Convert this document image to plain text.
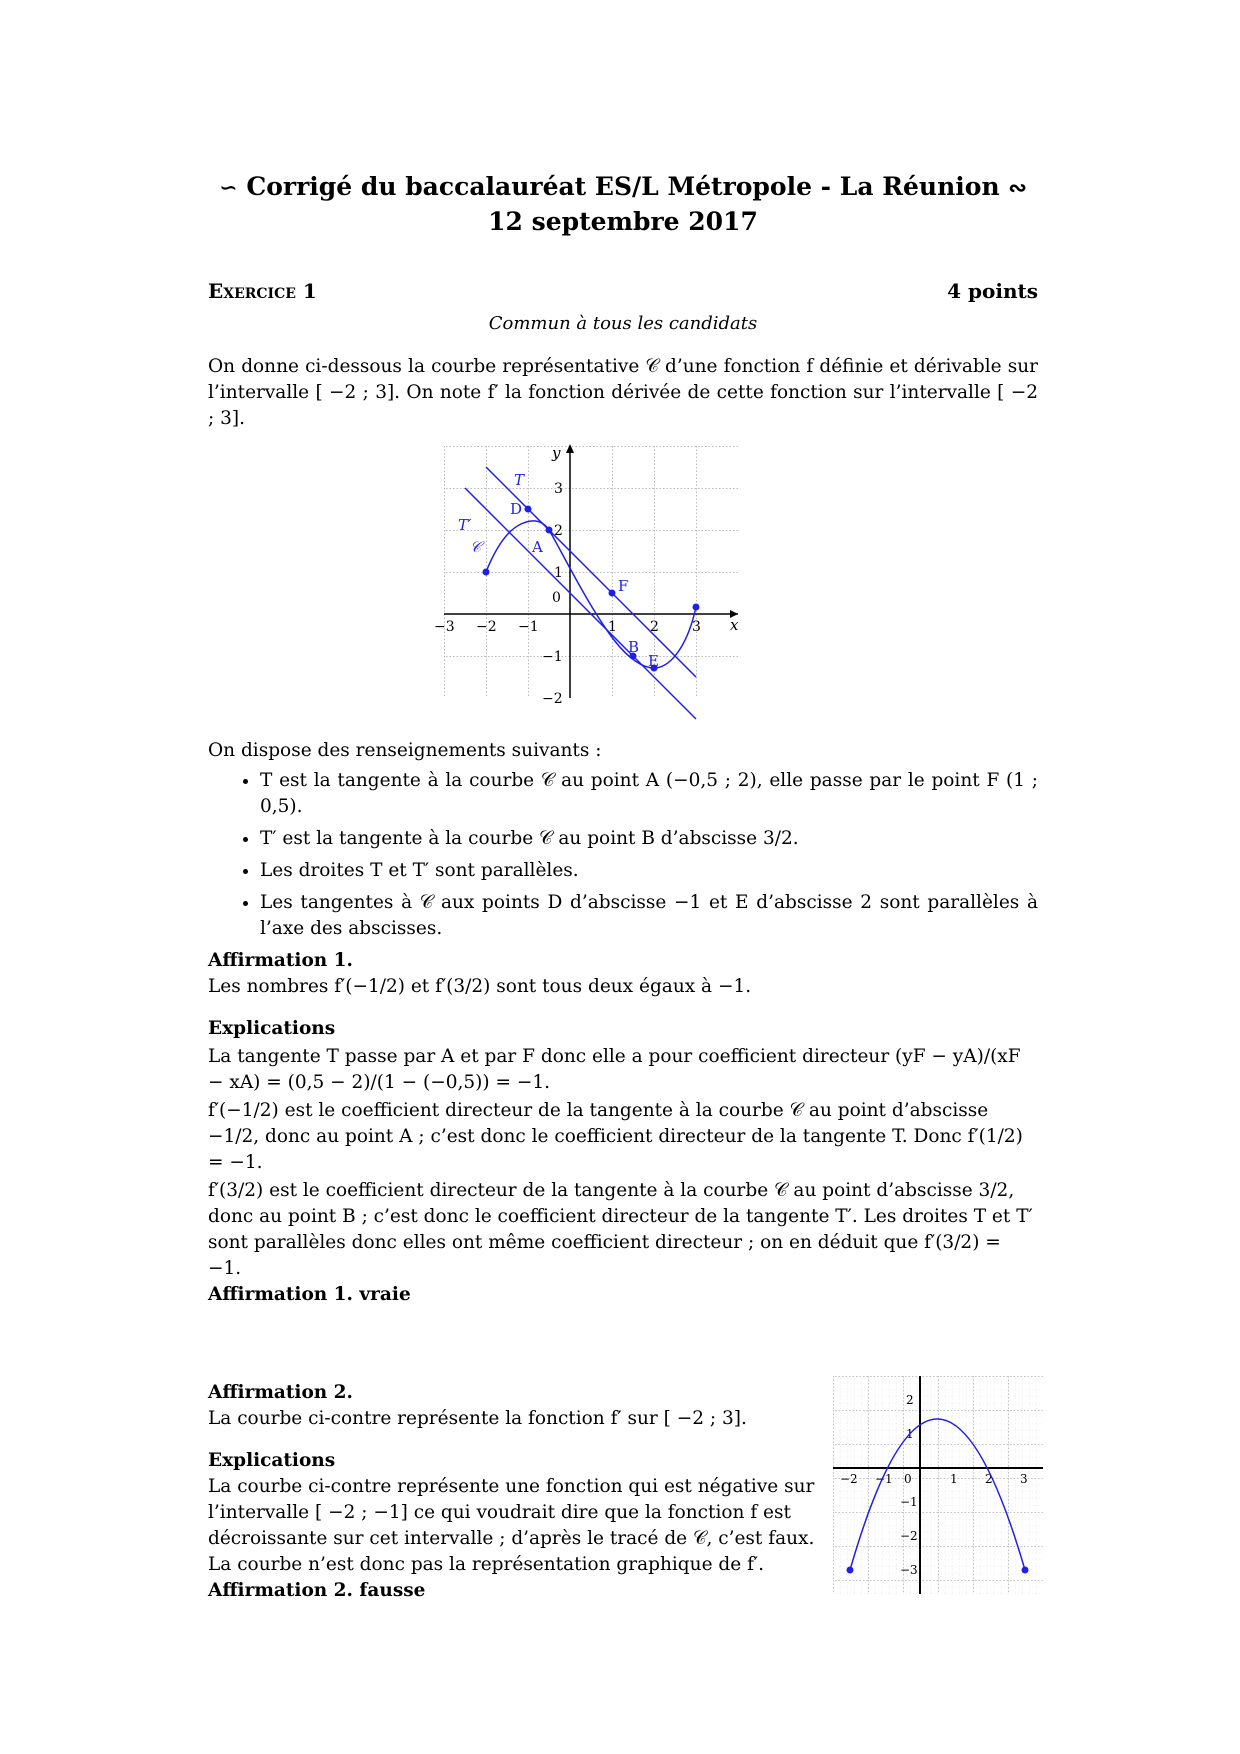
∽ Corrigé du baccalauréat ES/L Métropole - La Réunion ∾
12 septembre 2017
Exercice 1	4 points
Commun à tous les candidats

On donne ci-dessous la courbe représentative 𝒞 d’une fonction f définie et dérivable sur l’intervalle [ −2 ; 3]. On note f′ la fonction dérivée de cette fonction sur l’intervalle [ −2 ; 3].

x
y
0
−3 −2 −1	1 2 3
−2
−1
1
2
3
T
T′
𝒞
D
A
F
B
E

On dispose des renseignements suivants :

• T est la tangente à la courbe 𝒞 au point A (−0,5 ; 2), elle passe par le point F (1 ; 0,5).
• T′ est la tangente à la courbe 𝒞 au point B d’abscisse 3/2.
• Les droites T et T′ sont parallèles.
• Les tangentes à 𝒞 aux points D d’abscisse −1 et E d’abscisse 2 sont parallèles à l’axe des abscisses.

Affirmation 1.

Les nombres f′(−1/2) et f′(3/2) sont tous deux égaux à −1.

Explications

La tangente T passe par A et par F donc elle a pour coefficient directeur (yF − yA)/(xF − xA) = (0,5 − 2)/(1 − (−0,5)) = −1.

f′(−1/2) est le coefficient directeur de la tangente à la courbe 𝒞 au point d’abscisse −1/2, donc au point A ; c’est donc le coefficient directeur de la tangente T. Donc f′(1/2) = −1.

f′(3/2) est le coefficient directeur de la tangente à la courbe 𝒞 au point d’abscisse 3/2, donc au point B ; c’est donc le coefficient directeur de la tangente T′. Les droites T et T′ sont parallèles donc elles ont même coefficient directeur ; on en déduit que f′(3/2) = −1.

Affirmation 1. vraie

Affirmation 2.

La courbe ci-contre représente la fonction f′ sur [ −2 ; 3].

Explications

La courbe ci-contre représente une fonction qui est négative sur l’intervalle [ −2 ; −1] ce qui voudrait dire que la fonction f est décroissante sur cet intervalle ; d’après le tracé de 𝒞, c’est faux.

La courbe n’est donc pas la représentation graphique de f′.

Affirmation 2. fausse

−2 −1 0	1 2 3
2
1
−1
−2
−3
